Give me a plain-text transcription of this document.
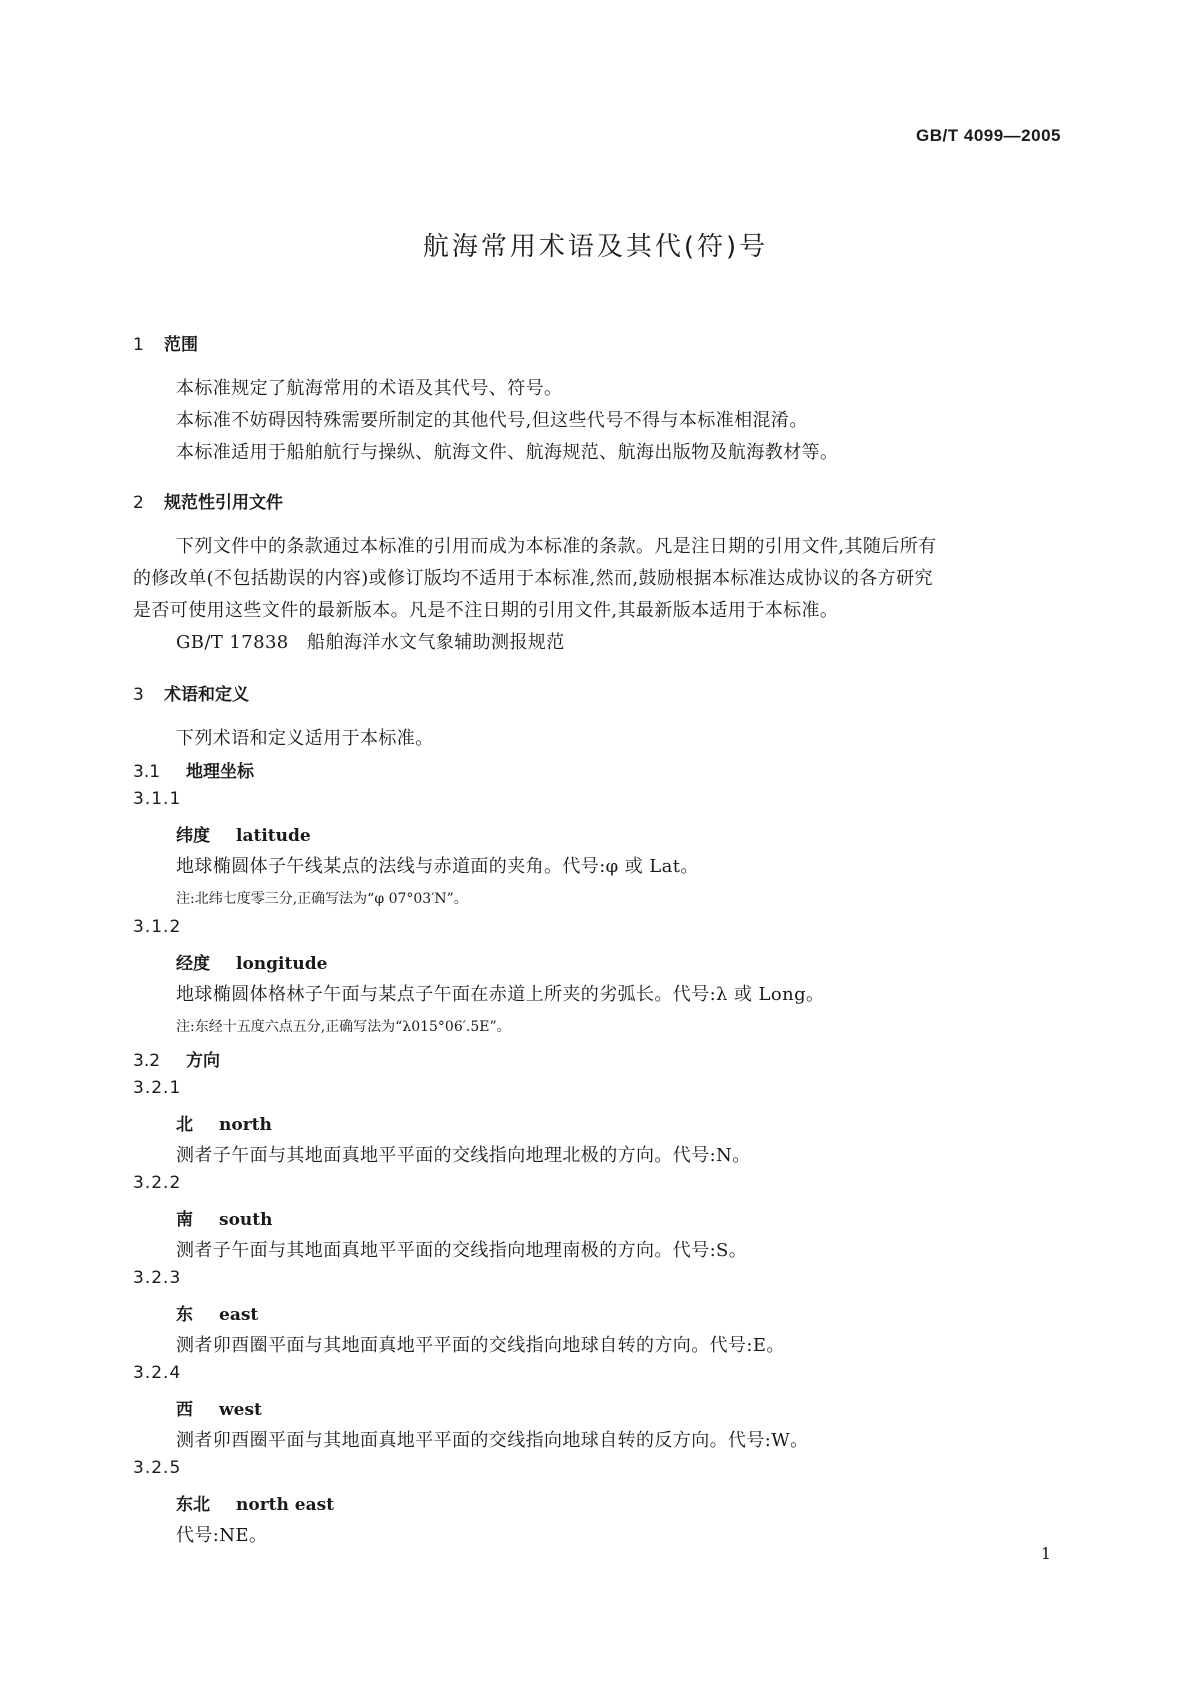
GB/T 4099—2005
航海常用术语及其代(符)号
1 范围
本标准规定了航海常用的术语及其代号、符号。
本标准不妨碍因特殊需要所制定的其他代号,但这些代号不得与本标准相混淆。
本标准适用于船舶航行与操纵、航海文件、航海规范、航海出版物及航海教材等。
2 规范性引用文件
下列文件中的条款通过本标准的引用而成为本标准的条款。凡是注日期的引用文件,其随后所有
的修改单(不包括勘误的内容)或修订版均不适用于本标准,然而,鼓励根据本标准达成协议的各方研究
是否可使用这些文件的最新版本。凡是不注日期的引用文件,其最新版本适用于本标准。
GB/T 17838　船舶海洋水文气象辅助测报规范
3 术语和定义
下列术语和定义适用于本标准。
3.1 地理坐标
3.1.1
纬度 latitude
地球椭圆体子午线某点的法线与赤道面的夹角。代号:φ 或 Lat。
注:北纬七度零三分,正确写法为“φ 07°03′N”。
3.1.2
经度 longitude
地球椭圆体格林子午面与某点子午面在赤道上所夹的劣弧长。代号:λ 或 Long。
注:东经十五度六点五分,正确写法为“λ015°06′.5E”。
3.2 方向
3.2.1
北 north
测者子午面与其地面真地平平面的交线指向地理北极的方向。代号:N。
3.2.2
南 south
测者子午面与其地面真地平平面的交线指向地理南极的方向。代号:S。
3.2.3
东 east
测者卯酉圈平面与其地面真地平平面的交线指向地球自转的方向。代号:E。
3.2.4
西 west
测者卯酉圈平面与其地面真地平平面的交线指向地球自转的反方向。代号:W。
3.2.5
东北 north east
代号:NE。
1
